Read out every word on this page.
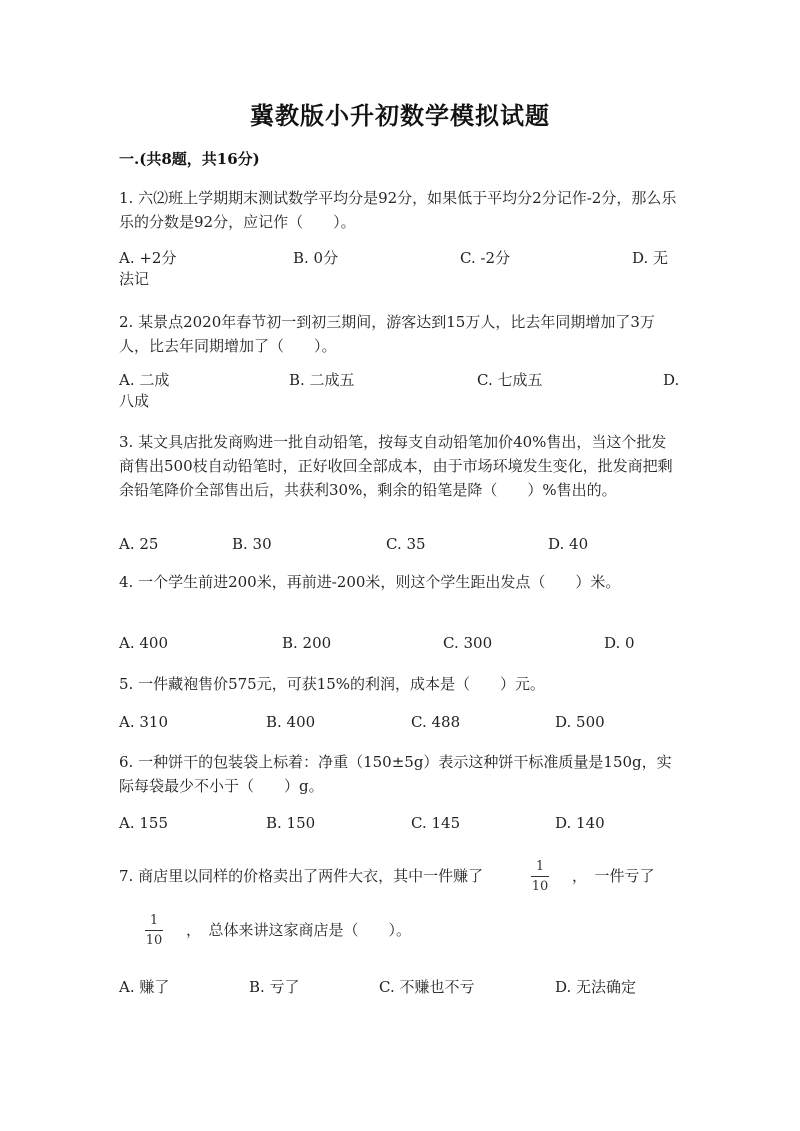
冀教版小升初数学模拟试题
一.(共8题，共16分)
1. 六⑵班上学期期末测试数学平均分是92分，如果低于平均分2分记作-2分，那么乐乐的分数是92分，应记作（　　）。
A. +2分	B. 0分	C. -2分	D. 无
法记
2. 某景点2020年春节初一到初三期间，游客达到15万人，比去年同期增加了3万人，比去年同期增加了（　　）。
A. 二成	B. 二成五	C. 七成五	D.
八成
3. 某文具店批发商购进一批自动铅笔，按每支自动铅笔加价40%售出，当这个批发商售出500枝自动铅笔时，正好收回全部成本，由于市场环境发生变化，批发商把剩余铅笔降价全部售出后，共获利30%，剩余的铅笔是降（　　）%售出的。
A. 25	B. 30	C. 35	D. 40
4. 一个学生前进200米，再前进-200米，则这个学生距出发点（　　）米。
A. 400	B. 200	C. 300	D. 0
5. 一件藏袍售价575元，可获15%的利润，成本是（　　）元。
A. 310	B. 400	C. 488	D. 500
6. 一种饼干的包装袋上标着：净重（150±5g）表示这种饼干标准质量是150g，实际每袋最少不小于（　　）g。
A. 155	B. 150	C. 145	D. 140
7. 商店里以同样的价格卖出了两件大衣，其中一件赚了
1
10
，　一件亏了
1
10
，　总体来讲这家商店是（　　）。
A. 赚了	B. 亏了	C. 不赚也不亏	D. 无法确定
